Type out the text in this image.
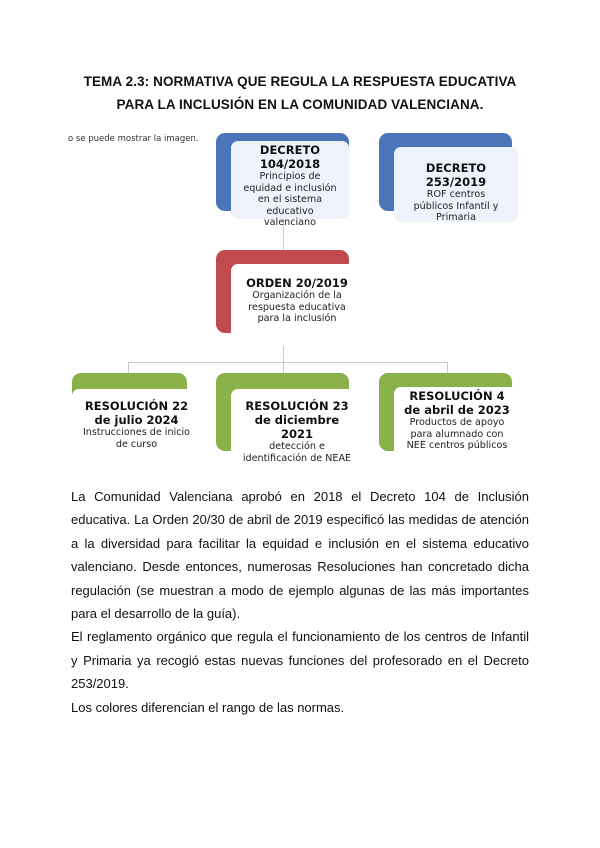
TEMA 2.3: NORMATIVA QUE REGULA LA RESPUESTA EDUCATIVA
PARA LA INCLUSIÓN EN LA COMUNIDAD VALENCIANA.
o se puede mostrar la imagen.
DECRETO 104/2018
Principios de equidad e inclusión en el sistema educativo valenciano
DECRETO 253/2019
ROF centros públicos Infantil y Primaria
ORDEN 20/2019
Organización de la respuesta educativa para la inclusión
RESOLUCIÓN 22 de julio 2024
Instrucciones de inicio de curso
RESOLUCIÓN 23 de diciembre 2021
detección e identificación de NEAE
RESOLUCIÓN 4 de abril de 2023
Productos de apoyo para alumnado con NEE centros públicos

La Comunidad Valenciana aprobó en 2018 el Decreto 104 de Inclusión educativa. La Orden 20/30 de abril de 2019 especificó las medidas de atención a la diversidad para facilitar la equidad e inclusión en el sistema educativo valenciano. Desde entonces, numerosas Resoluciones han concretado dicha regulación (se muestran a modo de ejemplo algunas de las más importantes para el desarrollo de la guía).

El reglamento orgánico que regula el funcionamiento de los centros de Infantil y Primaria ya recogió estas nuevas funciones del profesorado en el Decreto 253/2019.

Los colores diferencian el rango de las normas.
